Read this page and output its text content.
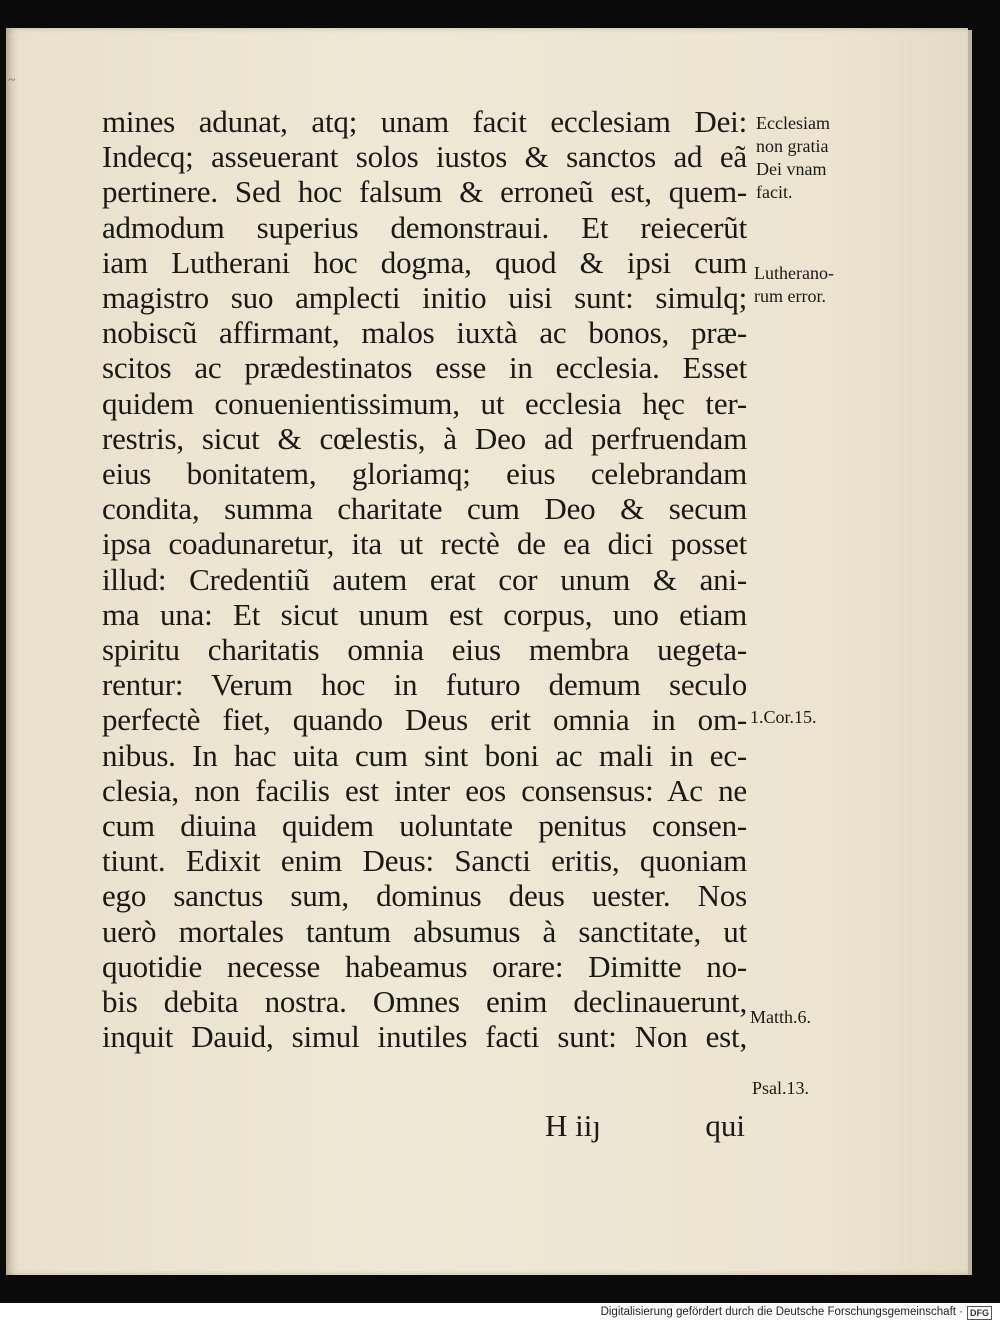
~
mines adunat, atq; unam facit ecclesiam Dei:
Indecq; asseuerant solos iustos & sanctos ad eã
pertinere. Sed hoc falsum & erroneũ est, quem-
admodum superius demonstraui. Et reiecerũt
iam Lutherani hoc dogma, quod & ipsi cum
magistro suo amplecti initio uisi sunt: simulq;
nobiscũ affirmant, malos iuxtà ac bonos, præ-
scitos ac prædestinatos esse in ecclesia. Esset
quidem conuenientissimum, ut ecclesia hęc ter-
restris, sicut & cœlestis, à Deo ad perfruendam
eius bonitatem, gloriamq; eius celebrandam
condita, summa charitate cum Deo & secum
ipsa coadunaretur, ita ut rectè de ea dici posset
illud: Credentiũ autem erat cor unum & ani-
ma una: Et sicut unum est corpus, uno etiam
spiritu charitatis omnia eius membra uegeta-
rentur: Verum hoc in futuro demum seculo
perfectè fiet, quando Deus erit omnia in om-
nibus. In hac uita cum sint boni ac mali in ec-
clesia, non facilis est inter eos consensus: Ac ne
cum diuina quidem uoluntate penitus consen-
tiunt. Edixit enim Deus: Sancti eritis, quoniam
ego sanctus sum, dominus deus uester. Nos
uerò mortales tantum absumus à sanctitate, ut
quotidie necesse habeamus orare: Dimitte no-
bis debita nostra. Omnes enim declinauerunt,
inquit Dauid, simul inutiles facti sunt: Non est,
H iiȷ	qui
Ecclesiam
non gratia
Dei vnam
facit.
Lutherano-
rum error.
1.Cor.15.
Matth.6.
Psal.13.
Digitalisierung gefördert durch die Deutsche Forschungsgemeinschaft · DFG
